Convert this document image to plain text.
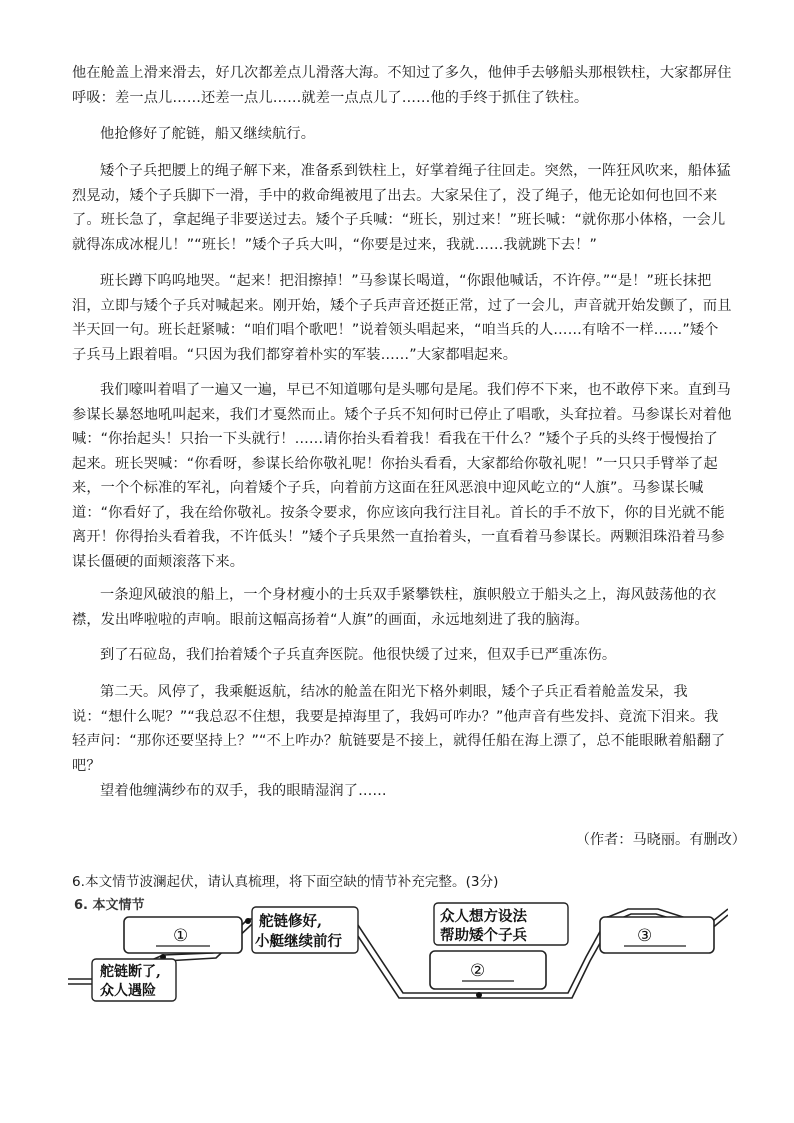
他在舱盖上滑来滑去，好几次都差点儿滑落大海。不知过了多久，他伸手去够船头那根铁柱，大家都屏住呼吸：差一点儿……还差一点儿……就差一点点儿了……他的手终于抓住了铁柱。

他抢修好了舵链，船又继续航行。

矮个子兵把腰上的绳子解下来，准备系到铁柱上，好掌着绳子往回走。突然，一阵狂风吹来，船体猛烈晃动，矮个子兵脚下一滑，手中的救命绳被甩了出去。大家呆住了，没了绳子，他无论如何也回不来了。班长急了，拿起绳子非要送过去。矮个子兵喊：“班长，别过来！”班长喊：“就你那小体格，一会儿就得冻成冰棍儿！”“班长！”矮个子兵大叫，“你要是过来，我就……我就跳下去！”

班长蹲下呜呜地哭。“起来！把泪擦掉！”马参谋长喝道，“你跟他喊话，不许停。”“是！”班长抹把泪，立即与矮个子兵对喊起来。刚开始，矮个子兵声音还挺正常，过了一会儿，声音就开始发颤了，而且半天回一句。班长赶紧喊：“咱们唱个歌吧！”说着领头唱起来，“咱当兵的人……有啥不一样……”矮个子兵马上跟着唱。“只因为我们都穿着朴实的军装……”大家都唱起来。

我们嚎叫着唱了一遍又一遍，早已不知道哪句是头哪句是尾。我们停不下来，也不敢停下来。直到马参谋长暴怒地吼叫起来，我们才戛然而止。矮个子兵不知何时已停止了唱歌，头耷拉着。马参谋长对着他喊：“你抬起头！只抬一下头就行！……请你抬头看着我！看我在干什么？”矮个子兵的头终于慢慢抬了起来。班长哭喊：“你看呀，参谋长给你敬礼呢！你抬头看看，大家都给你敬礼呢！”一只只手臂举了起来，一个个标准的军礼，向着矮个子兵，向着前方这面在狂风恶浪中迎风屹立的“人旗”。马参谋长喊道：“你看好了，我在给你敬礼。按条令要求，你应该向我行注目礼。首长的手不放下，你的目光就不能离开！你得抬头看着我，不许低头！”矮个子兵果然一直抬着头，一直看着马参谋长。两颗泪珠沿着马参谋长僵硬的面颊滚落下来。

一条迎风破浪的船上，一个身材瘦小的士兵双手紧攀铁柱，旗帜般立于船头之上，海风鼓荡他的衣襟，发出哗啦啦的声响。眼前这幅高扬着“人旗”的画面，永远地刻进了我的脑海。

到了石砬岛，我们抬着矮个子兵直奔医院。他很快缓了过来，但双手已严重冻伤。

第二天。风停了，我乘艇返航，结冰的舱盖在阳光下格外刺眼，矮个子兵正看着舱盖发呆，我说：“想什么呢？”“我总忍不住想，我要是掉海里了，我妈可咋办？”他声音有些发抖、竟流下泪来。我轻声问：“那你还要坚持上？”“不上咋办？航链要是不接上，就得任船在海上漂了，总不能眼瞅着船翻了吧？

望着他缠满纱布的双手，我的眼睛湿润了……

（作者：马晓丽。有删改）
6.本文情节波澜起伏，请认真梳理，将下面空缺的情节补充完整。(3分)
6. 本文情节
舵链断了,
众人遇险
①
舵链修好,
小艇继续前行
②
众人想方设法
帮助矮个子兵	③
